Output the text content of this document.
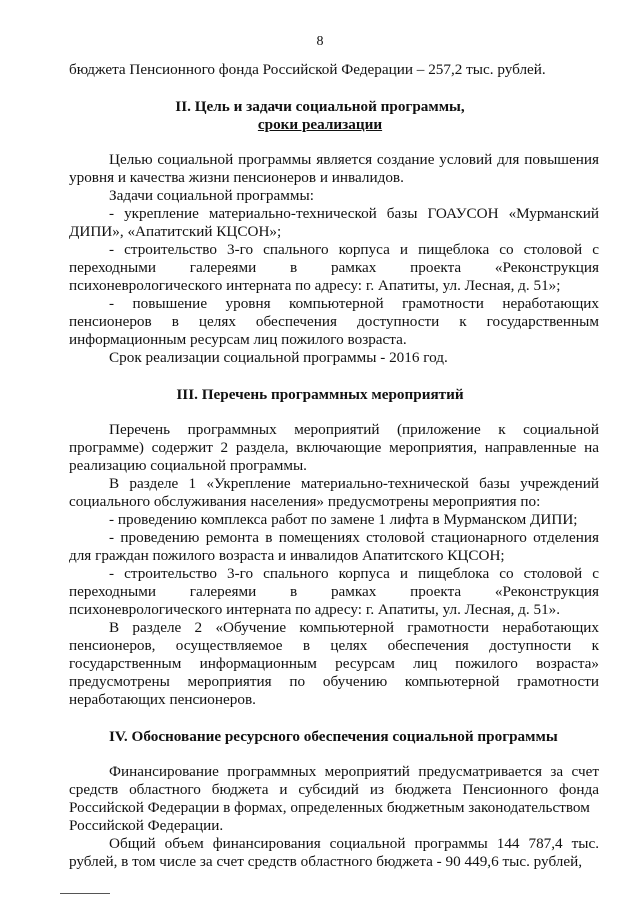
8
бюджета Пенсионного фонда Российской Федерации – 257,2 тыс. рублей.
II. Цель и задачи социальной программы,
сроки реализации
Целью социальной программы является создание условий для повышения
уровня и качества жизни пенсионеров и инвалидов.
Задачи социальной программы:
- укрепление материально-технической базы ГОАУСОН «Мурманский
ДИПИ», «Апатитский КЦСОН»;
- строительство 3-го спального корпуса и пищеблока со столовой с
переходными галереями в рамках проекта «Реконструкция
психоневрологического интерната по адресу: г. Апатиты, ул. Лесная, д. 51»;
- повышение уровня компьютерной грамотности неработающих
пенсионеров в целях обеспечения доступности к государственным
информационным ресурсам лиц пожилого возраста.
Срок реализации социальной программы - 2016 год.
III. Перечень программных мероприятий
Перечень программных мероприятий (приложение к социальной
программе) содержит 2 раздела, включающие мероприятия, направленные на
реализацию социальной программы.
В разделе 1 «Укрепление материально-технической базы учреждений
социального обслуживания населения» предусмотрены мероприятия по:
- проведению комплекса работ по замене 1 лифта в Мурманском ДИПИ;
- проведению ремонта в помещениях столовой стационарного отделения
для граждан пожилого возраста и инвалидов Апатитского КЦСОН;
- строительство 3-го спального корпуса и пищеблока со столовой с
переходными галереями в рамках проекта «Реконструкция
психоневрологического интерната по адресу: г. Апатиты, ул. Лесная, д. 51».
В разделе 2 «Обучение компьютерной грамотности неработающих
пенсионеров, осуществляемое в целях обеспечения доступности к
государственным информационным ресурсам лиц пожилого возраста»
предусмотрены мероприятия по обучению компьютерной грамотности
неработающих пенсионеров.
IV. Обоснование ресурсного обеспечения социальной программы
Финансирование программных мероприятий предусматривается за счет
средств областного бюджета и субсидий из бюджета Пенсионного фонда
Российской Федерации в формах, определенных бюджетным законодательством
Российской Федерации.
Общий объем финансирования социальной программы 144 787,4 тыс.
рублей, в том числе за счет средств областного бюджета - 90 449,6 тыс. рублей,
